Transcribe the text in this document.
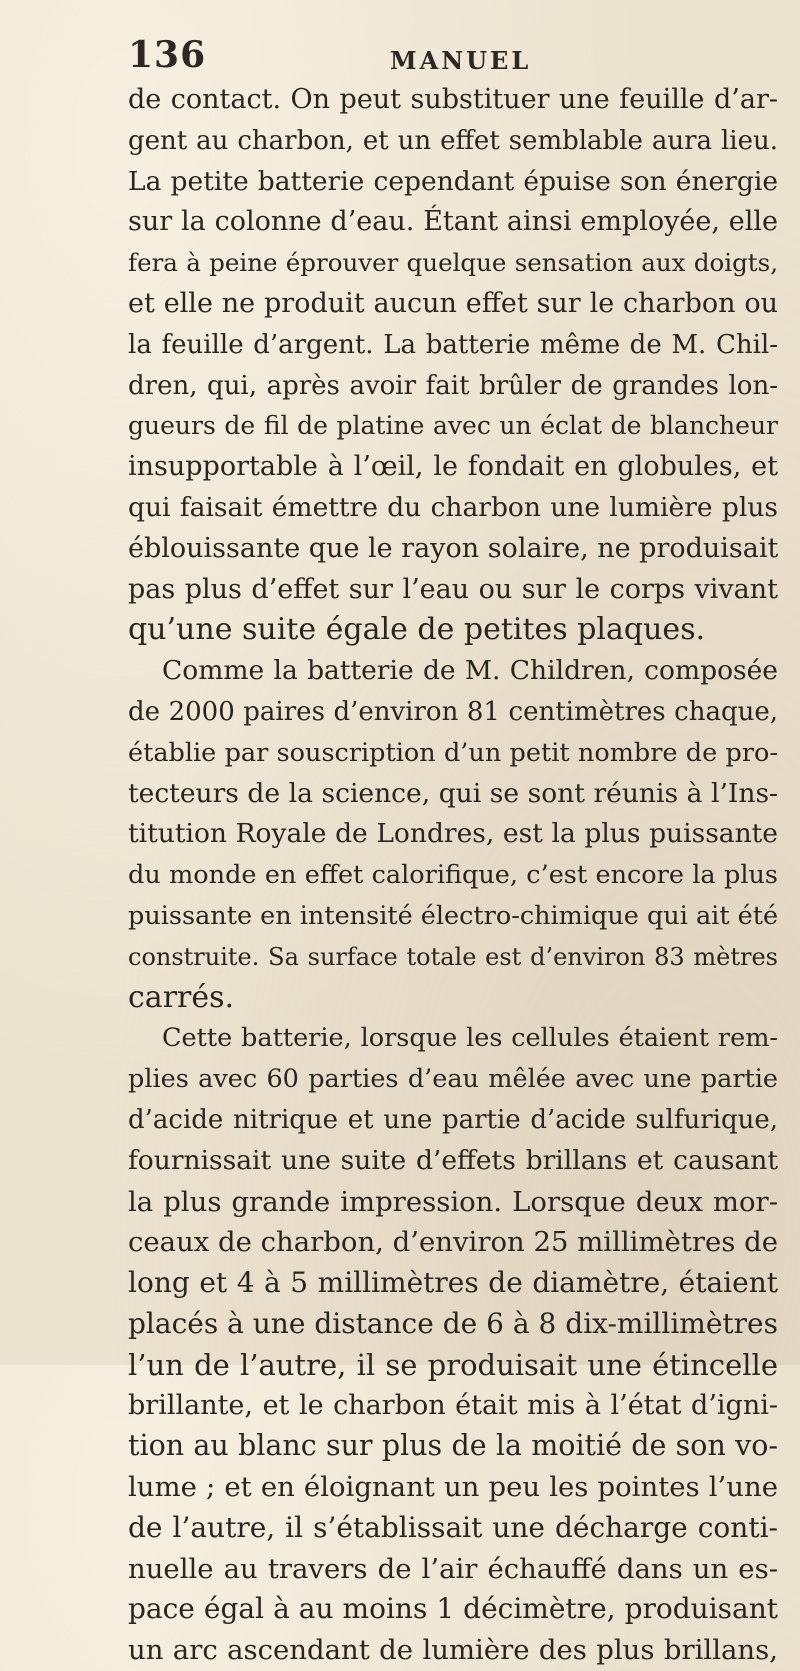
136	MANUEL
de contact. On peut substituer une feuille d’ar-
gent au charbon, et un effet semblable aura lieu.
La petite batterie cependant épuise son énergie
sur la colonne d’eau. Étant ainsi employée, elle
fera à peine éprouver quelque sensation aux doigts,
et elle ne produit aucun effet sur le charbon ou
la feuille d’argent. La batterie même de M. Chil-
dren, qui, après avoir fait brûler de grandes lon-
gueurs de fil de platine avec un éclat de blancheur
insupportable à l’œil, le fondait en globules, et
qui faisait émettre du charbon une lumière plus
éblouissante que le rayon solaire, ne produisait
pas plus d’effet sur l’eau ou sur le corps vivant
qu’une suite égale de petites plaques.
Comme la batterie de M. Children, composée
de 2000 paires d’environ 81 centimètres chaque,
établie par souscription d’un petit nombre de pro-
tecteurs de la science, qui se sont réunis à l’Ins-
titution Royale de Londres, est la plus puissante
du monde en effet calorifique, c’est encore la plus
puissante en intensité électro-chimique qui ait été
construite. Sa surface totale est d’environ 83 mètres
carrés.
Cette batterie, lorsque les cellules étaient rem-
plies avec 60 parties d’eau mêlée avec une partie
d’acide nitrique et une partie d’acide sulfurique,
fournissait une suite d’effets brillans et causant
la plus grande impression. Lorsque deux mor-
ceaux de charbon, d’environ 25 millimètres de
long et 4 à 5 millimètres de diamètre, étaient
placés à une distance de 6 à 8 dix-millimètres
l’un de l’autre, il se produisait une étincelle
brillante, et le charbon était mis à l’état d’igni-
tion au blanc sur plus de la moitié de son vo-
lume ; et en éloignant un peu les pointes l’une
de l’autre, il s’établissait une décharge conti-
nuelle au travers de l’air échauffé dans un es-
pace égal à au moins 1 décimètre, produisant
un arc ascendant de lumière des plus brillans,
